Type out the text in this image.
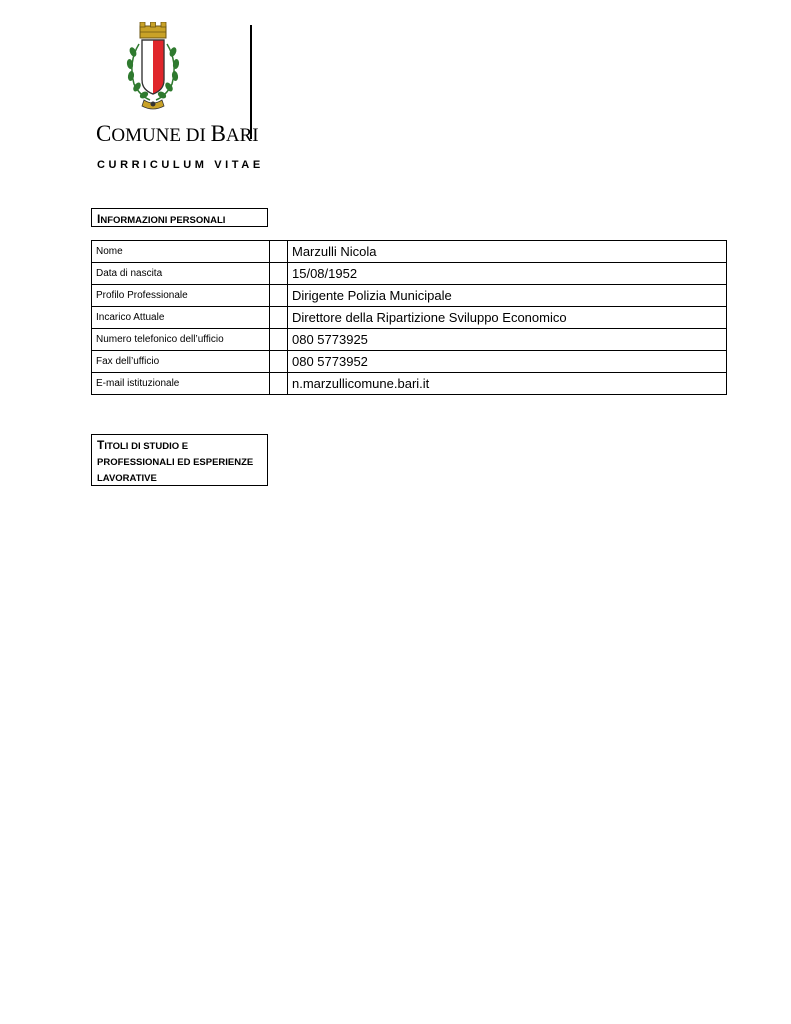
COMUNE DI BARI
CURRICULUM VITAE
INFORMAZIONI PERSONALI
Nome		Marzulli Nicola
Data di nascita		15/08/1952
Profilo Professionale		Dirigente Polizia Municipale
Incarico Attuale		Direttore della Ripartizione Sviluppo Economico
Numero telefonico dell’ufficio		080 5773925
Fax dell’ufficio		080 5773952
E-mail istituzionale		n.marzullicomune.bari.it
TITOLI DI STUDIO E PROFESSIONALI ED ESPERIENZE LAVORATIVE
